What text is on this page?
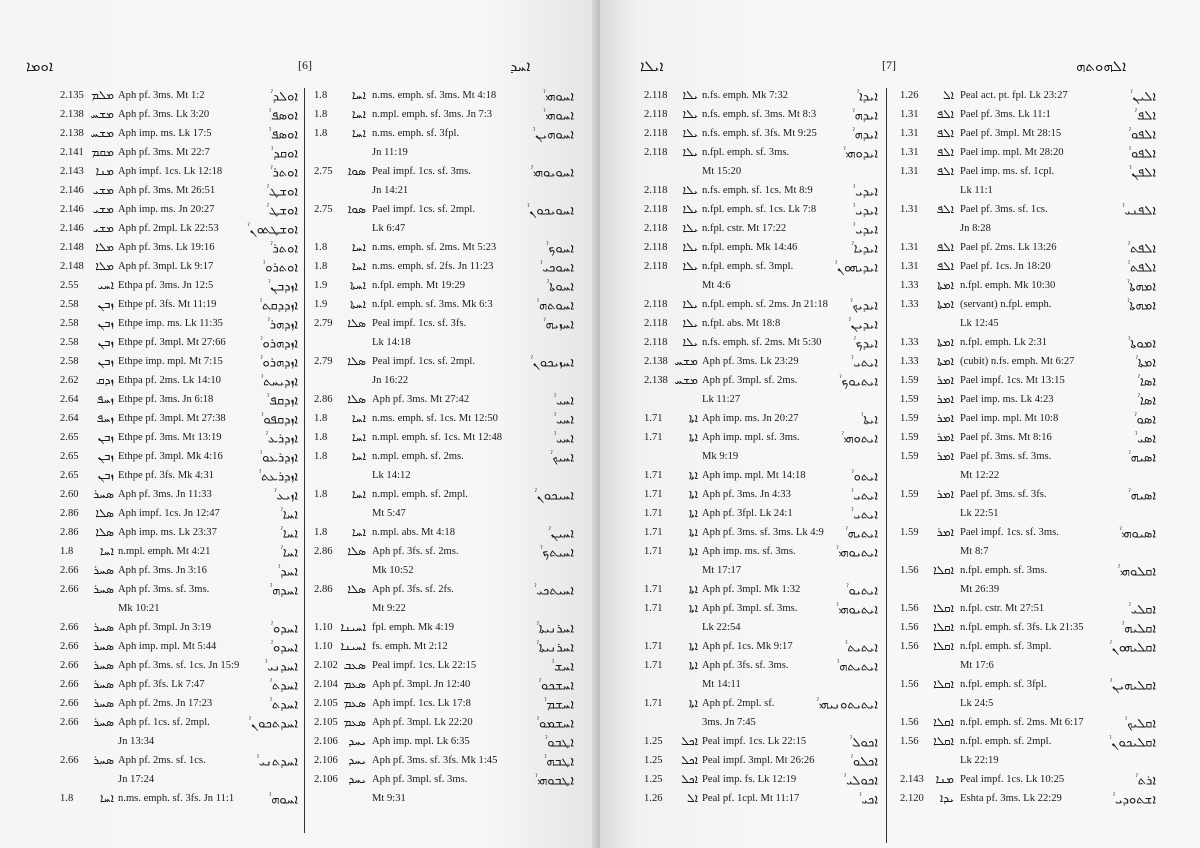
ܐܘܡܐ	[6]	ܐܚܕ
2.135 ܡܠܡ Aph pf. 3ms. Mt 1:2	ܐܘܠܕ$^ˀ$
2.138 ܡܫܚ Aph pf. 3ms. Lk 3:20	ܐܘܣܦ$^ˀ$
2.138 ܡܫܚ Aph imp. ms. Lk 17:5	ܐܘܣܦ$^ˀ$
2.141 ܡܩܡ Aph pf. 3ms. Mt 22:7	ܐܘܩܕ$^ˀ$
2.143 ܡܢܐ Aph impf. 1cs. Lk 12:18	ܐܘܬܪ$^ˀ$
2.146 ܡܫܝ Aph pf. 3ms. Mt 26:51	ܐܘܫܛ$^ˀ$
2.146 ܡܫܝ Aph imp. ms. Jn 20:27	ܐܘܫܛ$^ˀ$
2.146 ܡܫܝ Aph pf. 2mpl. Lk 22:53	ܐܘܫܛܬܘܢ$^ˀ$
2.148 ܡܠܐ Aph pf. 3ms. Lk 19:16	ܐܘܬܪ$^ˀ$
2.148 ܡܠܐ Aph pf. 3mpl. Lk 9:17	ܐܘܬܪܘ$^ˀ$
2.55	ܐܚܝ Ethpa pf. 3ms. Jn 12:5	ܐܙܕܒܢ$^ˀ$
2.58	ܙܒܢ Ethpe pf. 3fs. Mt 11:19	ܐܙܕܕܩܬ$^ˀ$
2.58	ܙܒܢ Ethpe imp. ms. Lk 11:35	ܐܙܕܗܪ$^ˀ$
2.58	ܙܒܢ Ethpe pf. 3mpl. Mt 27:66	ܐܙܕܗܪܘ$^ˀ$
2.58	ܙܒܢ Ethpe imp. mpl. Mt 7:15	ܐܙܕܗܪܘ$^ˀ$
2.62	ܙܕܩ Ethpa pf. 2ms. Lk 14:10	ܐܙܕܝܚܬ$^ˀ$
2.64	ܙܚܦ Ethpe pf. 3ms. Jn 6:18	ܐܙܕܩܦ$^ˀ$
2.64	ܙܚܦ Ethpe pf. 3mpl. Mt 27:38	ܐܙܕܩܦܘ$^ˀ$
2.65	ܙܒܢ Ethpe pf. 3ms. Mt 13:19	ܐܙܕܪܥ$^ˀ$
2.65	ܙܒܢ Ethpe pf. 3mpl. Mk 4:16	ܐܙܕܪܥܘ$^ˀ$
2.65	ܙܒܢ Ethpe pf. 3fs. Mk 4:31	ܐܙܕܪܥܬ$^ˀ$
2.60	ܣܚܪ Aph pf. 3ms. Jn 11:33	ܐܙܝܥ$^ˀ$
2.86	ܣܠܐ Aph impf. 1cs. Jn 12:47	ܐܚܐ$^ˀ$
2.86	ܣܠܐ Aph imp. ms. Lk 23:37	ܐܚܐ$^ˀ$
1.8	ܐܚܐ n.mpl. emph. Mt 4:21	ܐܚܐ$^ˀ$
2.66	ܣܚܪ Aph pf. 3ms. Jn 3:16	ܐܚܕ$^ˀ$
2.66	ܣܚܪ Aph pf. 3ms. sf. 3ms.
Mk 10:21
ܐܚܕܗ$^ˀ$
2.66	ܣܚܪ Aph pf. 3mpl. Jn 3:19	ܐܚܕܘ$^ˀ$
2.66	ܣܚܪ Aph imp. mpl. Mt 5:44	ܐܚܕܘ$^ˀ$
2.66	ܣܚܪ Aph pf. 3ms. sf. 1cs. Jn 15:9	ܐܚܕܢܝ$^ˀ$
2.66	ܣܚܪ Aph pf. 3fs. Lk 7:47	ܐܚܕܬ$^ˀ$
2.66	ܣܚܪ Aph pf. 2ms. Jn 17:23	ܐܚܕܬ$^ˀ$
2.66	ܣܚܪ Aph pf. 1cs. sf. 2mpl.
Jn 13:34
ܐܚܕܬܟܘܢ$^ˀ$
2.66	ܣܚܪ Aph pf. 2ms. sf. 1cs.
Jn 17:24
ܐܚܕܬܢܝ$^ˀ$
1.8	ܐܚܐ n.ms. emph. sf. 3fs. Jn 11:1	ܐܚܘܗ$^ˀ$
1.8	ܐܚܐ n.ms. emph. sf. 3ms. Mt 4:18	ܐܚܘܗܝ$^ˀ$
1.8	ܐܚܐ n.mpl. emph. sf. 3ms. Jn 7:3	ܐܚܘܗܝ$^ˀ$
1.8	ܐܚܐ n.ms. emph. sf. 3fpl.
Jn 11:19
ܐܚܘܗܝܢ$^ˀ$
2.75	ܣܘܐ Peal impf. 1cs. sf. 3ms.
Jn 14:21
ܐܚܘܝܘܗܝ$^ˀ$
2.75	ܣܘܐ Pael impf. 1cs. sf. 2mpl.
Lk 6:47
ܐܚܘܝܟܘܢ$^ˀ$
1.8	ܐܚܐ n.ms. emph. sf. 2ms. Mt 5:23	ܐܚܘܟ$^ˀ$
1.8	ܐܚܐ n.ms. emph. sf. 2fs. Jn 11:23	ܐܚܘܟܝ$^ˀ$
1.9	ܐܚܬܐ n.fpl. emph. Mt 19:29	ܐܚܘܬܐ$^ˀ$
1.9	ܐܚܬܐ n.fpl. emph. sf. 3ms. Mk 6:3	ܐܚܘܬܗ$^ˀ$
2.79	ܣܠܐ Peal impf. 1cs. sf. 3fs.
Lk 14:18
ܐܚܙܝܗ$^ˀ$
2.79	ܣܠܐ Peal impf. 1cs. sf. 2mpl.
Jn 16:22
ܐܚܙܝܟܘܢ$^ˀ$
2.86	ܣܠܐ Aph pf. 3ms. Mt 27:42	ܐܚܝ$^ˀ$
1.8	ܐܚܐ n.ms. emph. sf. 1cs. Mt 12:50	ܐܚܝ$^ˀ$
1.8	ܐܚܐ n.mpl. emph. sf. 1cs. Mt 12:48	ܐܚܝ$^ˀ$
1.8	ܐܚܐ n.mpl. emph. sf. 2ms.
Lk 14:12
ܐܚܝܟ$^ˀ$
1.8	ܐܚܐ n.mpl. emph. sf. 2mpl.
Mt 5:47
ܐܚܝܟܘܢ$^ˀ$
1.8	ܐܚܐ n.mpl. abs. Mt 4:18	ܐܚܝܢ$^ˀ$
2.86	ܣܠܐ Aph pf. 3fs. sf. 2ms.
Mk 10:52
ܐܚܝܬܟ$^ˀ$
2.86	ܣܠܐ Aph pf. 3fs. sf. 2fs.
Mt 9:22
ܐܚܝܬܟܝ$^ˀ$
1.10 ܐܚܝܢܐ fpl. emph. Mk 4:19	ܐܚܪܢܝܬܐ$^ˀ$
1.10 ܐܚܝܢܐ fs. emph. Mt 2:12	ܐܚܪܢܝܬܐ$^ˀ$
2.102 ܣܥܒ Peal impf. 1cs. Lk 22:15	ܐܚܫ$^ˀ$
2.104 ܣܥܡ Aph pf. 3mpl. Jn 12:40	ܐܚܫܟܘ$^ˀ$
2.105 ܣܥܡ Aph impf. 1cs. Lk 17:8	ܐܚܫܡ$^ˀ$
2.105 ܣܥܡ Aph pf. 3mpl. Lk 22:20	ܐܚܫܡܘ$^ˀ$
2.106 ܝܚܕ Aph imp. mpl. Lk 6:35	ܐܛܒܘ$^ˀ$
2.106 ܝܚܕ Aph pf. 3ms. sf. 3fs. Mk 1:45	ܐܛܒܗ$^ˀ$
2.106 ܝܚܕ Aph pf. 3mpl. sf. 3ms.
Mt 9:31
ܐܛܒܘܗܝ$^ˀ$
ܐܝܠܐ	[7]	ܐܠܗܘܬܗ
2.118	ܝܠܐ n.fs. emph. Mk 7:32	ܐܝܕܐ$^ˀ$
2.118	ܝܠܐ n.fs. emph. sf. 3ms. Mt 8:3	ܐܝܕܗ$^ˀ$
2.118	ܝܠܐ n.fs. emph. sf. 3fs. Mt 9:25	ܐܝܕܗ$^ˀ$
2.118	ܝܠܐ n.fpl. emph. sf. 3ms.
Mt 15:20
ܐܝܕܘܗܝ$^ˀ$
2.118	ܝܠܐ n.fs. emph. sf. 1cs. Mt 8:9	ܐܝܕܝ$^ˀ$
2.118	ܝܠܐ n.fpl. emph. sf. 1cs. Lk 7:8	ܐܝܕܝ$^ˀ$
2.118	ܝܠܐ n.fpl. cstr. Mt 17:22	ܐܝܕܝ$^ˀ$
2.118	ܝܠܐ n.fpl. emph. Mk 14:46	ܐܝܕܝܐ$^ˀ$
2.118	ܝܠܐ n.fpl. emph. sf. 3mpl.
Mt 4:6
ܐܝܕܝܗܘܢ$^ˀ$
2.118	ܝܠܐ n.fpl. emph. sf. 2ms. Jn 21:18	ܐܝܕܝܟ$^ˀ$
2.118	ܝܠܐ n.fpl. abs. Mt 18:8	ܐܝܕܝܢ$^ˀ$
2.118	ܝܠܐ n.fs. emph. sf. 2ms. Mt 5:30	ܐܝܕܟ$^ˀ$
2.138 ܡܫܚ Aph pf. 3ms. Lk 23:29	ܐܝܬܝ$^ˀ$
2.138 ܡܫܚ Aph pf. 3mpl. sf. 2ms.
Lk 11:27
ܐܝܬܝܘܟ$^ˀ$
1.71	ܐܬܐ Aph imp. ms. Jn 20:27	ܐܝܬܐ$^ˀ$
1.71	ܐܬܐ Aph imp. mpl. sf. 3ms.
Mk 9:19
ܐܝܬܘܗܝ$^ˀ$
1.71	ܐܬܐ Aph imp. mpl. Mt 14:18	ܐܝܬܘ$^ˀ$
1.71	ܐܬܐ Aph pf. 3ms. Jn 4:33	ܐܝܬܝ$^ˀ$
1.71	ܐܬܐ Aph pf. 3fpl. Lk 24:1	ܐܝܬܝ$^ˀ$
1.71	ܐܬܐ Aph pf. 3ms. sf. 3ms. Lk 4:9	ܐܝܬܝܗ$^ˀ$
1.71	ܐܬܐ Aph imp. ms. sf. 3ms.
Mt 17:17
ܐܝܬܝܘܗܝ$^ˀ$
1.71	ܐܬܐ Aph pf. 3mpl. Mk 1:32	ܐܝܬܝܘ$^ˀ$
1.71	ܐܬܐ Aph pf. 3mpl. sf. 3ms.
Lk 22:54
ܐܝܬܝܘܗܝ$^ˀ$
1.71	ܐܬܐ Aph pf. 1cs. Mk 9:17	ܐܝܬܝܬ$^ˀ$
1.71	ܐܬܐ Aph pf. 3fs. sf. 3ms.
Mt 14:11
ܐܝܬܝܬܗ$^ˀ$
1.71	ܐܬܐ Aph pf. 2mpl. sf.
3ms. Jn 7:45
ܐܝܬܝܬܘܢܝܗܝ$^ˀ$
1.25	ܐܟܠ Peal impf. 1cs. Lk 22:15	ܐܟܘܠ$^ˀ$
1.25	ܐܟܠ Peal impf. 3mpl. Mt 26:26	ܐܟܠܘ$^ˀ$
1.25	ܐܟܠ Peal imp. fs. Lk 12:19	ܐܟܘܠܝ$^ˀ$
1.26	ܐܠ Peal pf. 1cpl. Mt 11:17	ܐܟܝ$^ˀ$
1.26	ܐܠ Peal act. pt. fpl. Lk 23:27	ܐܠܝܢ$^ˀ$
1.31	ܐܠܦ Pael pf. 3ms. Lk 11:1	ܐܠܦ$^ˀ$
1.31	ܐܠܦ Pael pf. 3mpl. Mt 28:15	ܐܠܦܘ$^ˀ$
1.31	ܐܠܦ Pael imp. mpl. Mt 28:20	ܐܠܦܘ$^ˀ$
1.31	ܐܠܦ Pael imp. ms. sf. 1cpl.
Lk 11:1
ܐܠܦܢ$^ˀ$
1.31	ܐܠܦ Pael pf. 3ms. sf. 1cs.
Jn 8:28
ܐܠܦܢܝ$^ˀ$
1.31	ܐܠܦ Pael pf. 2ms. Lk 13:26	ܐܠܦܬ$^ˀ$
1.31	ܐܠܦ Pael pf. 1cs. Jn 18:20	ܐܠܦܬ$^ˀ$
1.33	ܐܡܬܐ n.fpl. emph. Mk 10:30	ܐܡܗܬܐ$^ˀ$
1.33	ܐܡܬܐ (servant) n.fpl. emph.
Lk 12:45
ܐܡܗܬܐ$^ˀ$
1.33	ܐܡܬܐ n.fpl. emph. Lk 2:31	ܐܡܘܬܐ$^ˀ$
1.33	ܐܡܬܐ (cubit) n.fs. emph. Mt 6:27	ܐܡܬܐ$^ˀ$
1.59	ܐܡܪ Pael impf. 1cs. Mt 13:15	ܐܣܐ$^ˀ$
1.59	ܐܡܪ Pael imp. ms. Lk 4:23	ܐܣܐ$^ˀ$
1.59	ܐܡܪ Pael imp. mpl. Mt 10:8	ܐܣܘ$^ˀ$
1.59	ܐܡܪ Pael pf. 3ms. Mt 8:16	ܐܣܝ$^ˀ$
1.59	ܐܡܪ Pael pf. 3ms. sf. 3ms.
Mt 12:22
ܐܣܝܗ$^ˀ$
1.59	ܐܡܪ Pael pf. 3ms. sf. 3fs.
Lk 22:51
ܐܣܝܗ$^ˀ$
1.59	ܐܡܪ Pael impf. 1cs. sf. 3ms.
Mt 8:7
ܐܣܝܘܗܝ$^ˀ$
1.56	ܐܩܠܐ n.fpl. emph. sf. 3ms.
Mt 26:39
ܐܩܠܘܗܝ$^ˀ$
1.56	ܐܩܠܐ n.fpl. cstr. Mt 27:51	ܐܩܠܝ$^ˀ$
1.56	ܐܩܠܐ n.fpl. emph. sf. 3fs. Lk 21:35	ܐܩܠܝܗ$^ˀ$
1.56	ܐܩܠܐ n.fpl. emph. sf. 3mpl.
Mt 17:6
ܐܩܠܝܗܘܢ$^ˀ$
1.56	ܐܩܠܐ n.fpl. emph. sf. 3fpl.
Lk 24:5
ܐܩܠܝܗܝܢ$^ˀ$
1.56	ܐܩܠܐ n.fpl. emph. sf. 2ms. Mt 6:17	ܐܩܠܝܟ$^ˀ$
1.56	ܐܩܠܐ n.fpl. emph. sf. 2mpl.
Lk 22:19
ܐܩܠܝܟܘܢ$^ˀ$
2.143 ܡܢܐ Peal impf. 1cs. Lk 10:25	ܐܪܬ$^ˀ$
2.120	ܝܕܐ Eshta pf. 3ms. Lk 22:29	ܐܫܬܘܕܝ$^ˀ$
